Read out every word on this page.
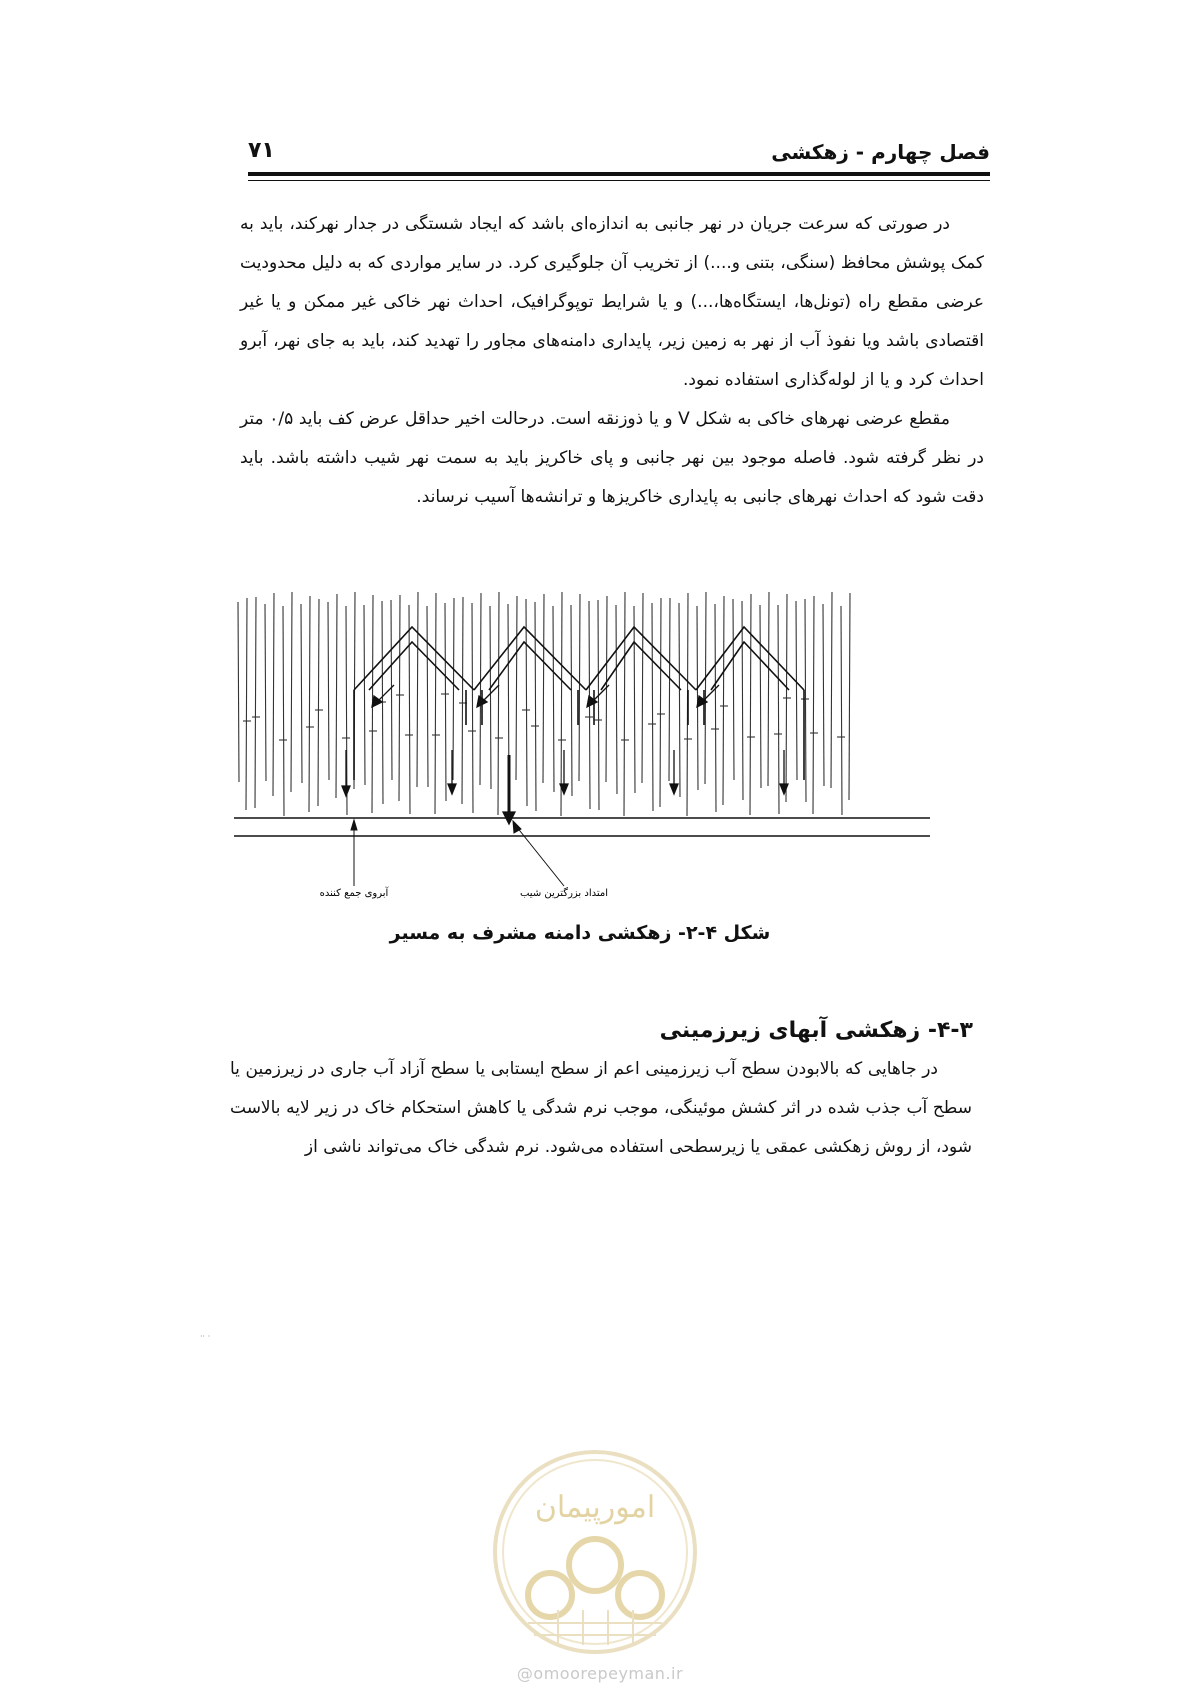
فصل چهارم - زهکشی
۷۱

در صورتی که سرعت جریان در نهر جانبی به اندازه‌ای باشد که ایجاد شستگی در جدار نهرکند، باید به کمک پوشش محافظ (سنگی، بتنی و....) از تخریب آن جلوگیری کرد. در سایر مواردی که به دلیل محدودیت عرضی مقطع راه (تونل‌ها، ایستگاه‌ها،...) و یا شرایط توپوگرافیک، احداث نهر خاکی غیر ممکن و یا غیر اقتصادی باشد ویا نفوذ آب از نهر به زمین زیر، پایداری دامنه‌های مجاور را تهدید کند، باید به جای نهر، آبرو احداث کرد و یا از لوله‌گذاری استفاده نمود.

مقطع عرضی نهرهای خاکی به شکل V و یا ذوزنقه است. درحالت اخیر حداقل عرض کف باید ۰/۵ متر در نظر گرفته شود. فاصله موجود بین نهر جانبی و پای خاکریز باید به سمت نهر شیب داشته باشد. باید دقت شود که احداث نهرهای جانبی به پایداری خاکریزها و ترانشه‌ها آسیب نرساند.

آبروی جمع کننده	امتداد بزرگترین شیب
شکل ۴-۲- زهکشی دامنه مشرف به مسیر
۴-۳- زهکشی آبهای زیرزمینی

در جاهایی که بالابودن سطح آب زیرزمینی اعم از سطح ایستابی یا سطح آزاد آب جاری در زیرزمین یا سطح آب جذب شده در اثر کشش موئینگی، موجب نرم شدگی یا کاهش استحکام خاک در زیر لایه بالاست شود، از روش زهکشی عمقی یا زیرسطحی استفاده می‌شود. نرم شدگی خاک می‌تواند ناشی از

·· ·
امورپیمان
@omoorepeyman.ir
